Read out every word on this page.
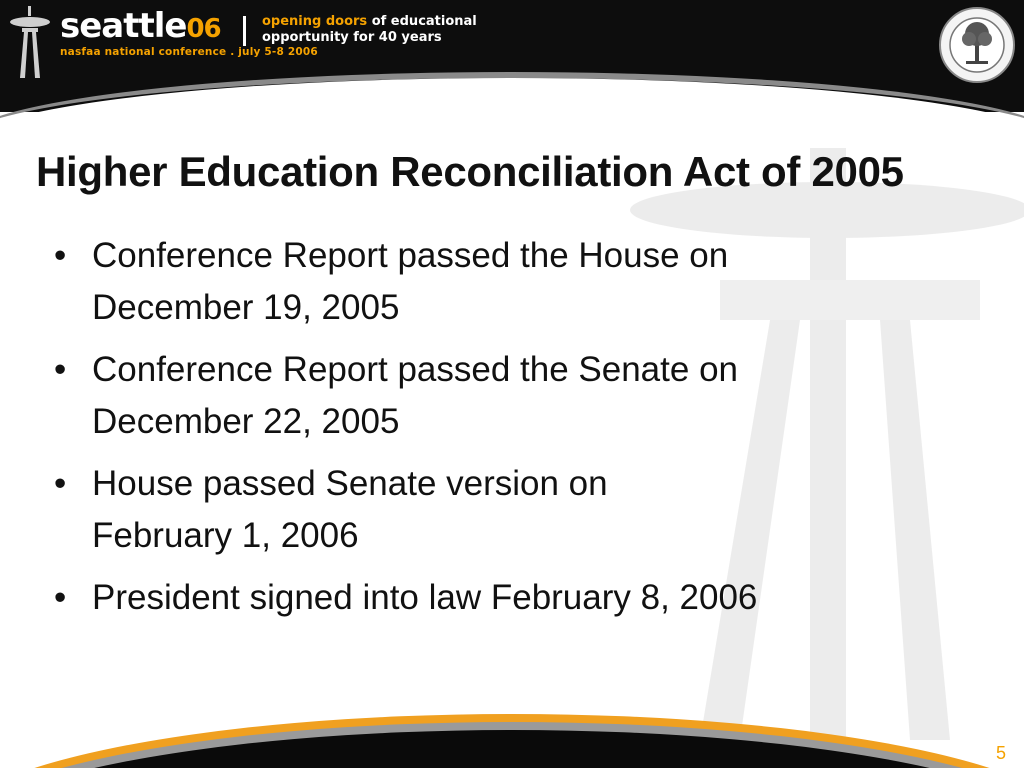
seattle06
nasfaa national conference . july 5-8 2006
opening doors of educational
opportunity for 40 years
Higher Education Reconciliation Act of 2005
• Conference Report passed the House on
December 19, 2005
• Conference Report passed the Senate on
December 22, 2005
• House passed Senate version on
February 1, 2006
• President signed into law February 8, 2006
5
